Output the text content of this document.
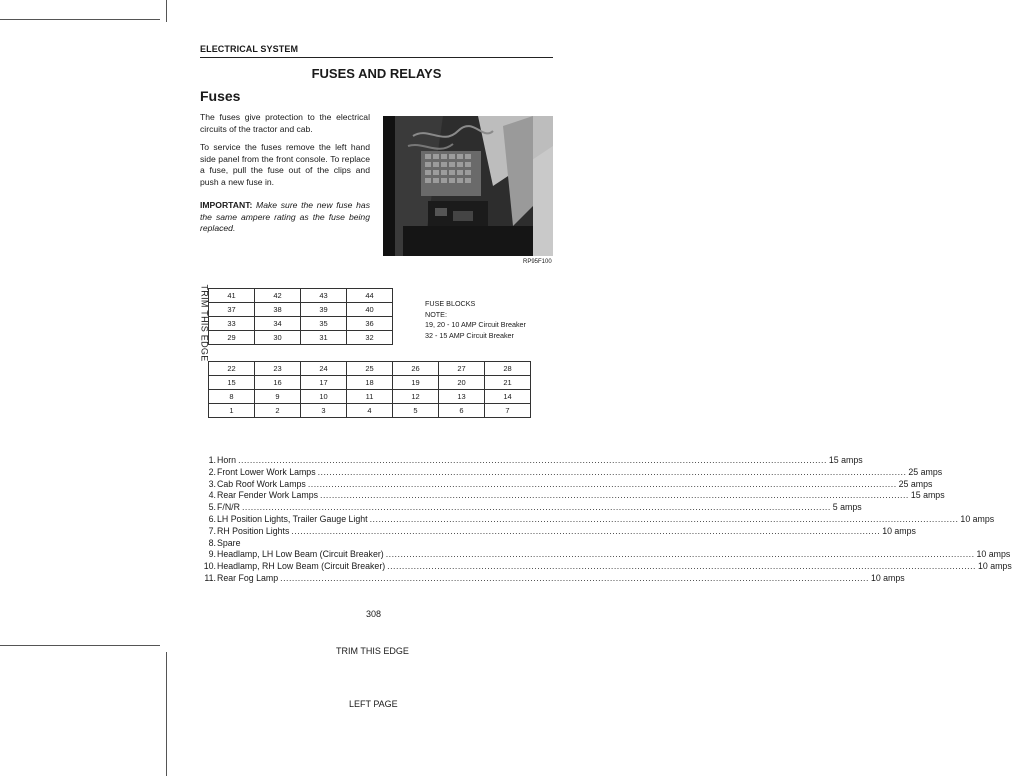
ELECTRICAL SYSTEM
FUSES AND RELAYS
Fuses
The fuses give protection to the electrical circuits of the tractor and cab.
To service the fuses remove the left hand side panel from the front console. To replace a fuse, pull the fuse out of the clips and push a new fuse in.
IMPORTANT: Make sure the new fuse has the same ampere rating as the fuse being replaced.
RP95F100
TRIM THIS EDGE 41	42	43	44
37	38	39	40
33	34	35	36
29	30	31	32
22	23	24	25	26	27	28
15	16	17	18	19	20	21
8	9	10	11	12	13	14
1	2	3	4	5	6	7
FUSE BLOCKS
NOTE:
19, 20 - 10 AMP Circuit Breaker
32 - 15 AMP Circuit Breaker
1. Horn ........................................................................................................................................................................................................ 15 amps
2. Front Lower Work Lamps ........................................................................................................................................................................................................ 25 amps
3. Cab Roof Work Lamps ........................................................................................................................................................................................................ 25 amps
4. Rear Fender Work Lamps ........................................................................................................................................................................................................ 15 amps
5. F/N/R ........................................................................................................................................................................................................ 5 amps
6. LH Position Lights, Trailer Gauge Light ........................................................................................................................................................................................................ 10 amps
7. RH Position Lights ........................................................................................................................................................................................................ 10 amps
8. Spare
9. Headlamp, LH Low Beam (Circuit Breaker) ........................................................................................................................................................................................................ 10 amps
10. Headlamp, RH Low Beam (Circuit Breaker) ........................................................................................................................................................................................................ 10 amps
11. Rear Fog Lamp ........................................................................................................................................................................................................ 10 amps
308
TRIM THIS EDGE
LEFT PAGE
